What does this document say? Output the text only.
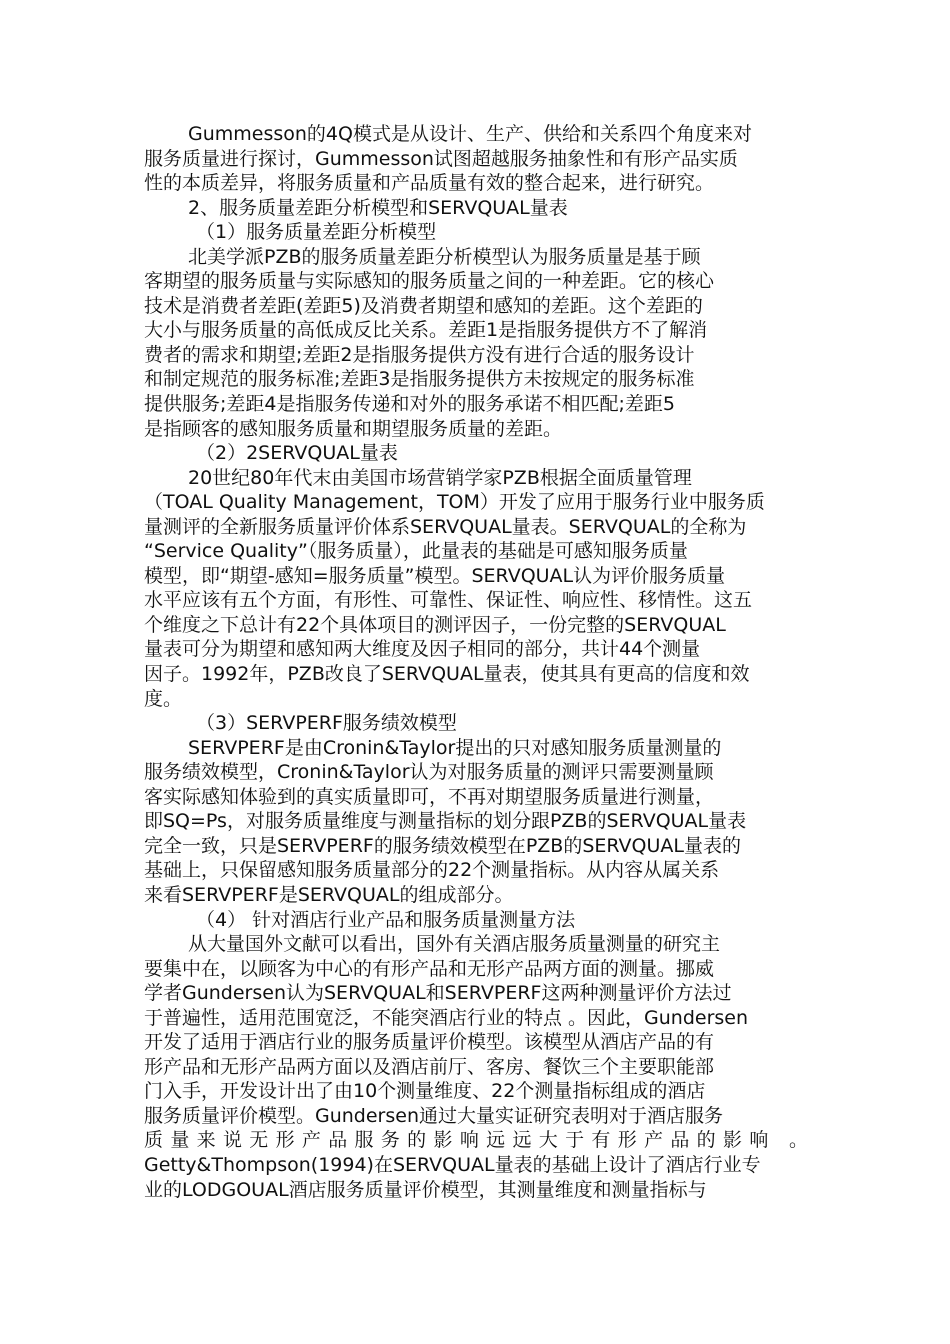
Gummesson的4Q模式是从设计、生产、供给和关系四个角度来对
服务质量进行探讨，Gummesson试图超越服务抽象性和有形产品实质
性的本质差异，将服务质量和产品质量有效的整合起来，进行研究。
2、服务质量差距分析模型和SERVQUAL量表
（1）服务质量差距分析模型
北美学派PZB的服务质量差距分析模型认为服务质量是基于顾
客期望的服务质量与实际感知的服务质量之间的一种差距。它的核心
技术是消费者差距(差距5)及消费者期望和感知的差距。这个差距的
大小与服务质量的高低成反比关系。差距1是指服务提供方不了解消
费者的需求和期望;差距2是指服务提供方没有进行合适的服务设计
和制定规范的服务标准;差距3是指服务提供方未按规定的服务标准
提供服务;差距4是指服务传递和对外的服务承诺不相匹配;差距5
是指顾客的感知服务质量和期望服务质量的差距。
（2）2SERVQUAL量表
20世纪80年代末由美国市场营销学家PZB根据全面质量管理
（TOAL Quality Management，TOM）开发了应用于服务行业中服务质
量测评的全新服务质量评价体系SERVQUAL量表。SERVQUAL的全称为
“Service Quality”（服务质量），此量表的基础是可感知服务质量
模型，即“期望-感知=服务质量”模型。SERVQUAL认为评价服务质量
水平应该有五个方面，有形性、可靠性、保证性、响应性、移情性。这五
个维度之下总计有22个具体项目的测评因子，一份完整的SERVQUAL
量表可分为期望和感知两大维度及因子相同的部分，共计44个测量
因子。1992年，PZB改良了SERVQUAL量表，使其具有更高的信度和效
度。
（3）SERVPERF服务绩效模型
SERVPERF是由Cronin&Taylor提出的只对感知服务质量测量的
服务绩效模型，Cronin&Taylor认为对服务质量的测评只需要测量顾
客实际感知体验到的真实质量即可，不再对期望服务质量进行测量，
即SQ=Ps，对服务质量维度与测量指标的划分跟PZB的SERVQUAL量表
完全一致，只是SERVPERF的服务绩效模型在PZB的SERVQUAL量表的
基础上，只保留感知服务质量部分的22个测量指标。从内容从属关系
来看SERVPERF是SERVQUAL的组成部分。
（4） 针对酒店行业产品和服务质量测量方法
从大量国外文献可以看出，国外有关酒店服务质量测量的研究主
要集中在，以顾客为中心的有形产品和无形产品两方面的测量。挪威
学者Gundersen认为SERVQUAL和SERVPERF这两种测量评价方法过
于普遍性，适用范围宽泛，不能突酒店行业的特点 。因此，Gundersen
开发了适用于酒店行业的服务质量评价模型。该模型从酒店产品的有
形产品和无形产品两方面以及酒店前厅、客房、餐饮三个主要职能部
门入手，开发设计出了由10个测量维度、22个测量指标组成的酒店
服务质量评价模型。Gundersen通过大量实证研究表明对于酒店服务
质量来说无形产品服务的影响远远大于有形产品的影响 。
Getty&Thompson(1994)在SERVQUAL量表的基础上设计了酒店行业专
业的LODGOUAL酒店服务质量评价模型，其测量维度和测量指标与
